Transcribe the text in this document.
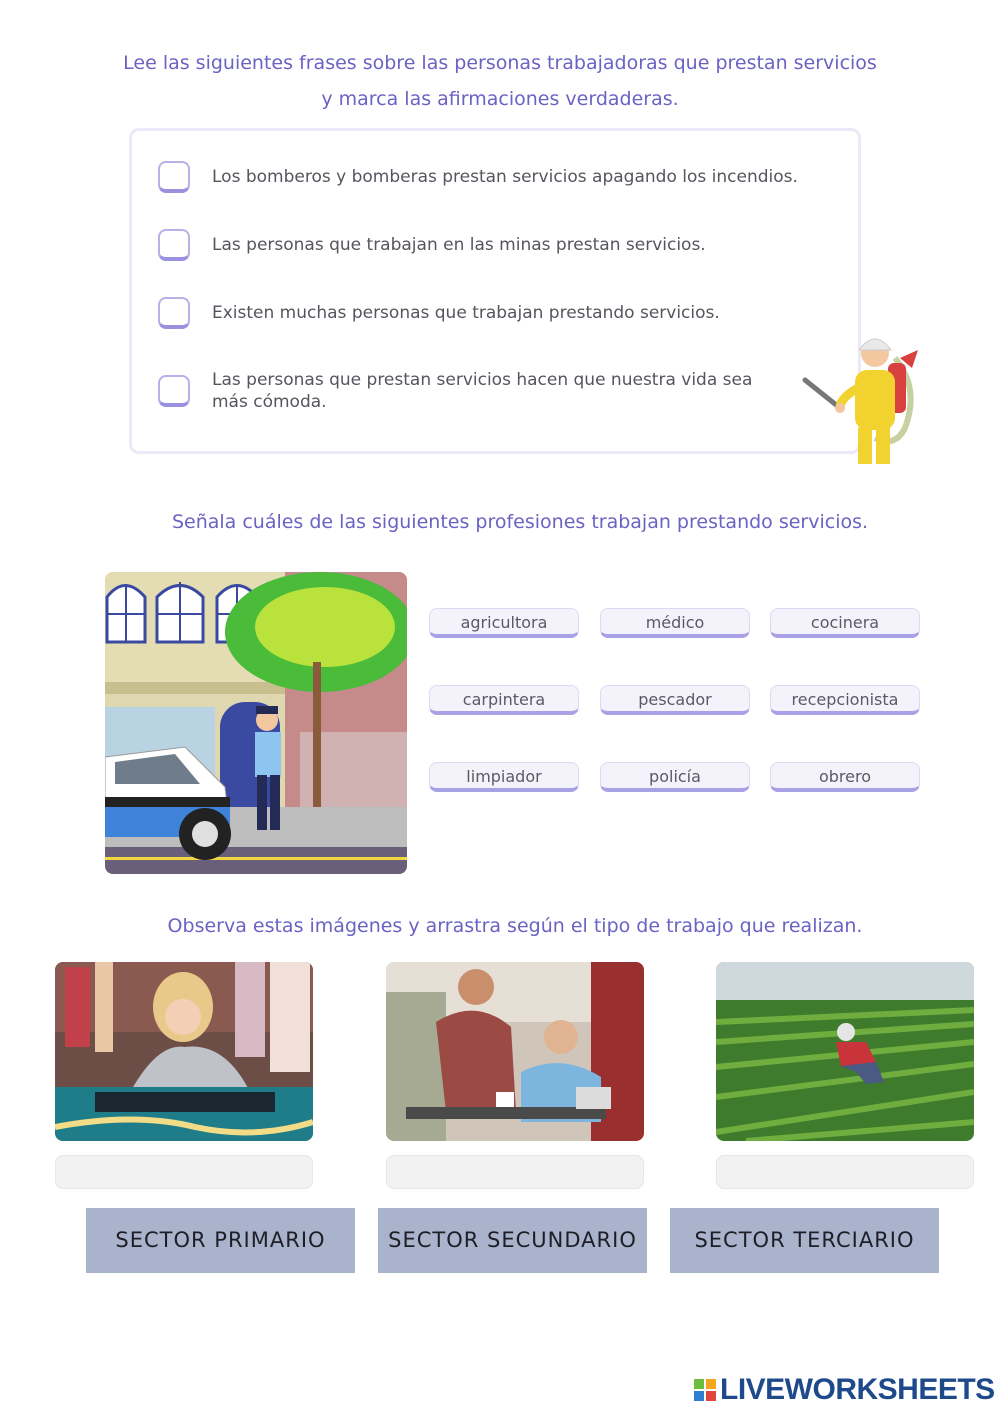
Lee las siguientes frases sobre las personas trabajadoras que prestan servicios
y marca las afirmaciones verdaderas.
Los bomberos y bomberas prestan servicios apagando los incendios.
Las personas que trabajan en las minas prestan servicios.
Existen muchas personas que trabajan prestando servicios.
Las personas que prestan servicios hacen que nuestra vida sea más cómoda.
Señala cuáles de las siguientes profesiones trabajan prestando servicios.
agricultora	médico	cocinera
carpintera	pescador	recepcionista
limpiador	policía	obrero
Observa estas imágenes y arrastra según el tipo de trabajo que realizan.
SECTOR PRIMARIO	SECTOR SECUNDARIO	SECTOR TERCIARIO
LIVEWORKSHEETS
